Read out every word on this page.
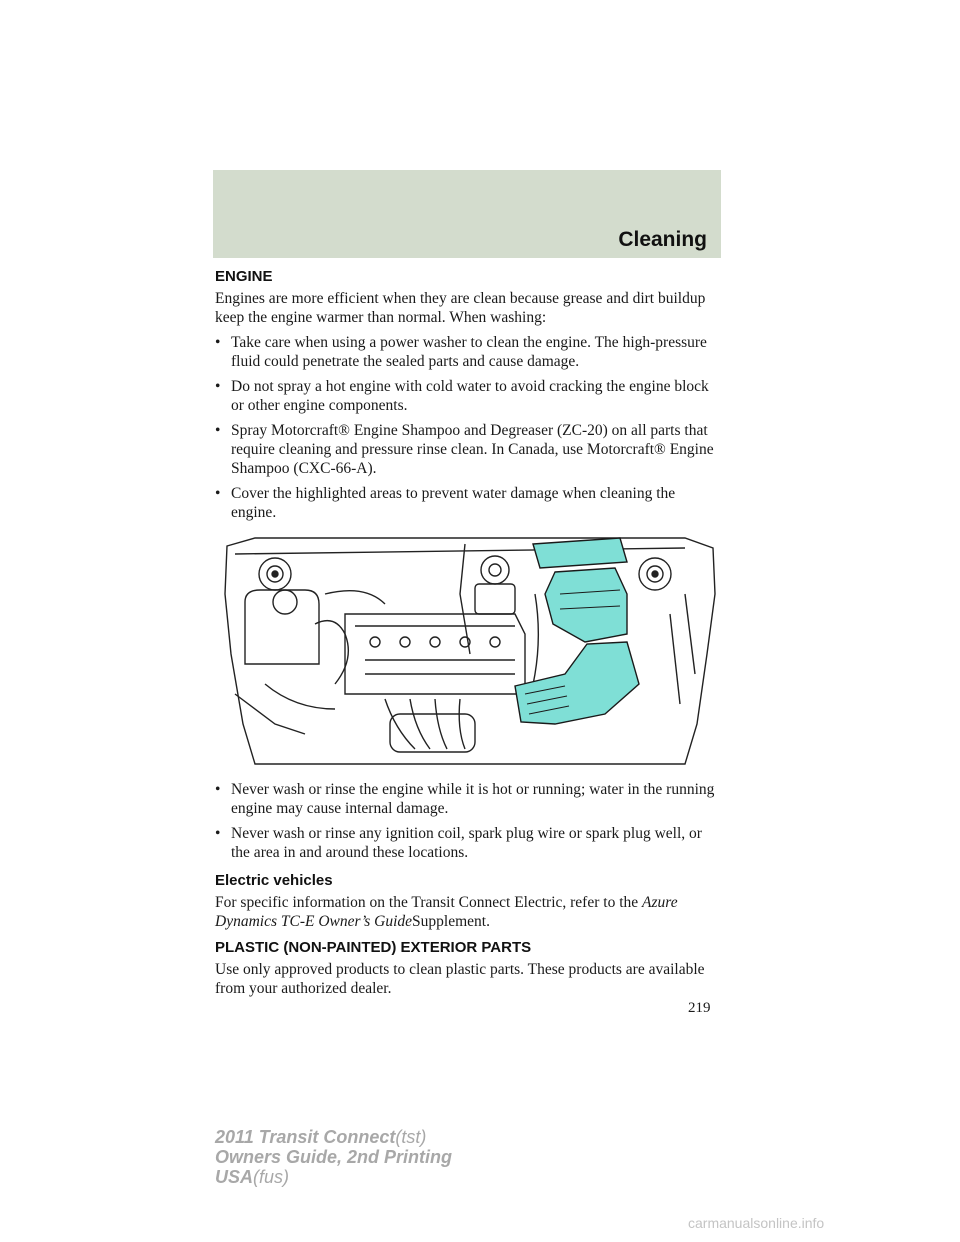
Cleaning
ENGINE

Engines are more efficient when they are clean because grease and dirt buildup keep the engine warmer than normal. When washing:

• Take care when using a power washer to clean the engine. The high-pressure fluid could penetrate the sealed parts and cause damage.
• Do not spray a hot engine with cold water to avoid cracking the engine block or other engine components.
• Spray Motorcraft® Engine Shampoo and Degreaser (ZC-20) on all parts that require cleaning and pressure rinse clean. In Canada, use Motorcraft® Engine Shampoo (CXC-66-A).
• Cover the highlighted areas to prevent water damage when cleaning the engine.
• Never wash or rinse the engine while it is hot or running; water in the running engine may cause internal damage.
• Never wash or rinse any ignition coil, spark plug wire or spark plug well, or the area in and around these locations.
Electric vehicles

For specific information on the Transit Connect Electric, refer to the Azure Dynamics TC-E Owner’s GuideSupplement.

PLASTIC (NON-PAINTED) EXTERIOR PARTS

Use only approved products to clean plastic parts. These products are available from your authorized dealer.

219
2011 Transit Connect(tst)
Owners Guide, 2nd Printing
USA(fus)
carmanualsonline.info
